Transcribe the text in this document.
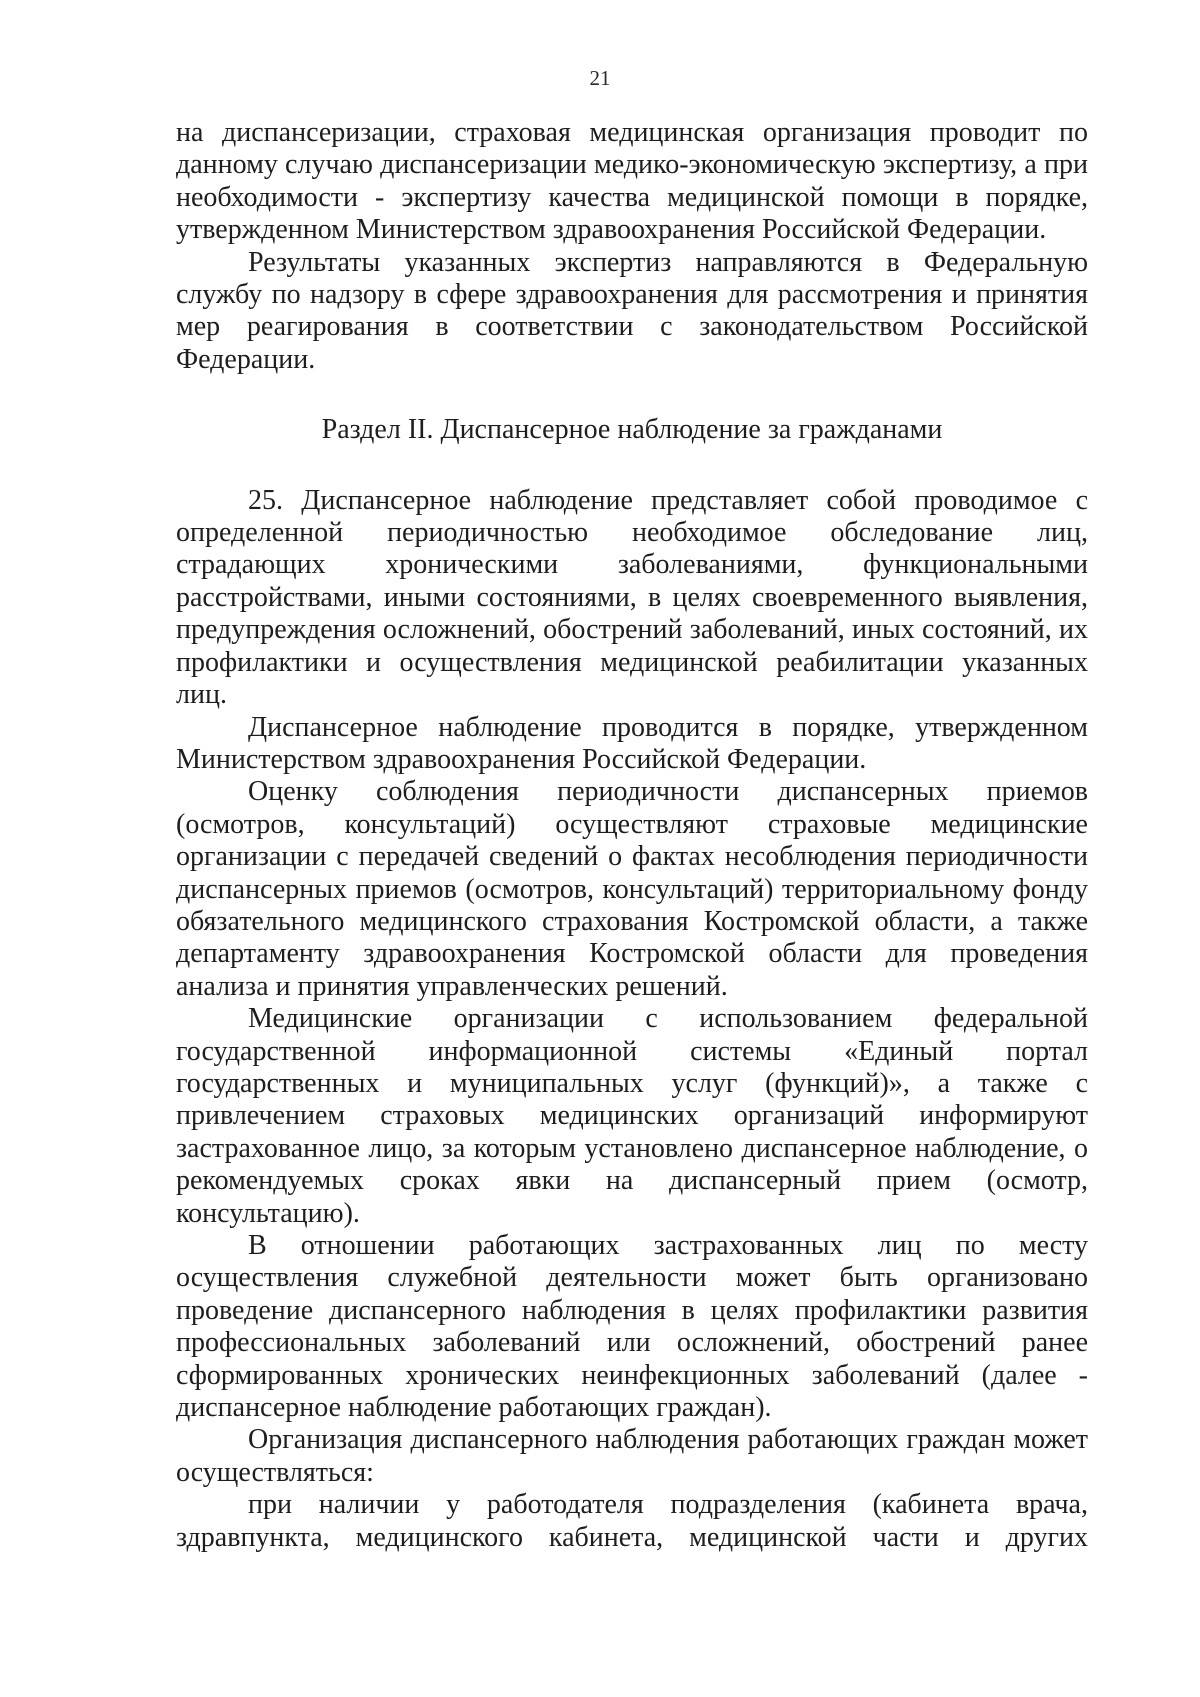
21

на диспансеризации, страховая медицинская организация проводит по данному случаю диспансеризации медико-экономическую экспертизу, а при необходимости - экспертизу качества медицинской помощи в порядке, утвержденном Министерством здравоохранения Российской Федерации.

Результаты указанных экспертиз направляются в Федеральную службу по надзору в сфере здравоохранения для рассмотрения и принятия мер реагирования в соответствии с законодательством Российской Федерации.

Раздел II. Диспансерное наблюдение за гражданами

25. Диспансерное наблюдение представляет собой проводимое с определенной периодичностью необходимое обследование лиц, страдающих хроническими заболеваниями, функциональными расстройствами, иными состояниями, в целях своевременного выявления, предупреждения осложнений, обострений заболеваний, иных состояний, их профилактики и осуществления медицинской реабилитации указанных лиц.

Диспансерное наблюдение проводится в порядке, утвержденном Министерством здравоохранения Российской Федерации.

Оценку соблюдения периодичности диспансерных приемов (осмотров, консультаций) осуществляют страховые медицинские организации с передачей сведений о фактах несоблюдения периодичности диспансерных приемов (осмотров, консультаций) территориальному фонду обязательного медицинского страхования Костромской области, а также департаменту здравоохранения Костромской области для проведения анализа и принятия управленческих решений.

Медицинские организации с использованием федеральной государственной информационной системы «Единый портал государственных и муниципальных услуг (функций)», а также с привлечением страховых медицинских организаций информируют застрахованное лицо, за которым установлено диспансерное наблюдение, о рекомендуемых сроках явки на диспансерный прием (осмотр, консультацию).

В отношении работающих застрахованных лиц по месту осуществления служебной деятельности может быть организовано проведение диспансерного наблюдения в целях профилактики развития профессиональных заболеваний или осложнений, обострений ранее сформированных хронических неинфекционных заболеваний (далее - диспансерное наблюдение работающих граждан).

Организация диспансерного наблюдения работающих граждан может осуществляться:

при наличии у работодателя подразделения (кабинета врача, здравпункта, медицинского кабинета, медицинской части и других
